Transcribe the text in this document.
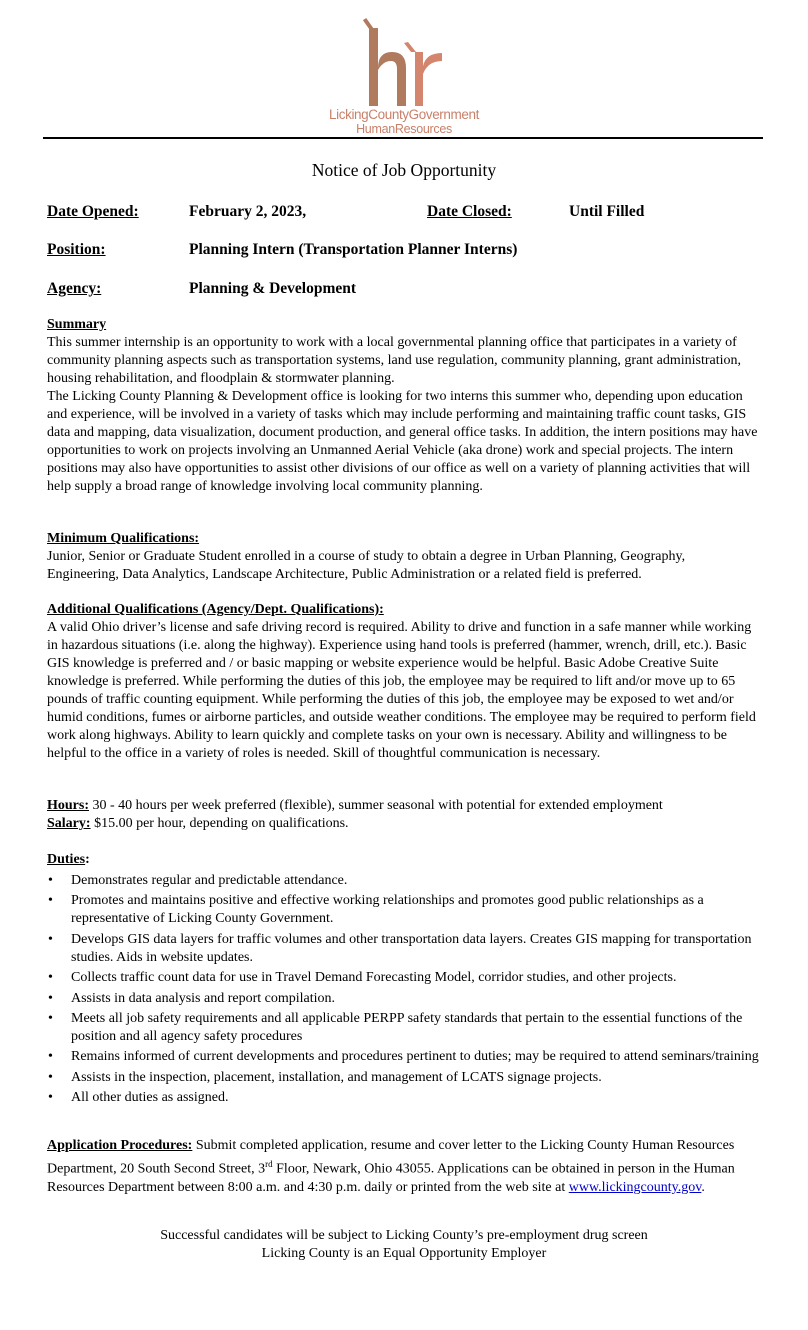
LickingCountyGovernment
HumanResources
Notice of Job Opportunity
Date Opened:	February 2, 2023,	Date Closed:	Until Filled
Position:	Planning Intern (Transportation Planner Interns)
Agency:	Planning & Development
Summary

This summer internship is an opportunity to work with a local governmental planning office that participates in a variety of community planning aspects such as transportation systems, land use regulation, community planning, grant administration, housing rehabilitation, and floodplain & stormwater planning.

The Licking County Planning & Development office is looking for two interns this summer who, depending upon education and experience, will be involved in a variety of tasks which may include performing and maintaining traffic count tasks, GIS data and mapping, data visualization, document production, and general office tasks. In addition, the intern positions may have opportunities to work on projects involving an Unmanned Aerial Vehicle (aka drone) work and special projects. The intern positions may also have opportunities to assist other divisions of our office as well on a variety of planning activities that will help supply a broad range of knowledge involving local community planning.

Minimum Qualifications:

Junior, Senior or Graduate Student enrolled in a course of study to obtain a degree in Urban Planning, Geography, Engineering, Data Analytics, Landscape Architecture, Public Administration or a related field is preferred.

Additional Qualifications (Agency/Dept. Qualifications):

A valid Ohio driver’s license and safe driving record is required. Ability to drive and function in a safe manner while working in hazardous situations (i.e. along the highway). Experience using hand tools is preferred (hammer, wrench, drill, etc.). Basic GIS knowledge is preferred and / or basic mapping or website experience would be helpful. Basic Adobe Creative Suite knowledge is preferred. While performing the duties of this job, the employee may be required to lift and/or move up to 65 pounds of traffic counting equipment. While performing the duties of this job, the employee may be exposed to wet and/or humid conditions, fumes or airborne particles, and outside weather conditions. The employee may be required to perform field work along highways. Ability to learn quickly and complete tasks on your own is necessary. Ability and willingness to be helpful to the office in a variety of roles is needed. Skill of thoughtful communication is necessary.

Hours: 30 - 40 hours per week preferred (flexible), summer seasonal with potential for extended employment
Salary: $15.00 per hour, depending on qualifications.
Duties:
• Demonstrates regular and predictable attendance.
• Promotes and maintains positive and effective working relationships and promotes good public relationships as a representative of Licking County Government.
• Develops GIS data layers for traffic volumes and other transportation data layers. Creates GIS mapping for transportation studies. Aids in website updates.
• Collects traffic count data for use in Travel Demand Forecasting Model, corridor studies, and other projects.
• Assists in data analysis and report compilation.
• Meets all job safety requirements and all applicable PERPP safety standards that pertain to the essential functions of the position and all agency safety procedures
• Remains informed of current developments and procedures pertinent to duties; may be required to attend seminars/training
• Assists in the inspection, placement, installation, and management of LCATS signage projects.
• All other duties as assigned.
Application Procedures: Submit completed application, resume and cover letter to the Licking County Human Resources Department, 20 South Second Street, 3rd Floor, Newark, Ohio 43055. Applications can be obtained in person in the Human Resources Department between 8:00 a.m. and 4:30 p.m. daily or printed from the web site at www.lickingcounty.gov.
Successful candidates will be subject to Licking County’s pre-employment drug screen
Licking County is an Equal Opportunity Employer
